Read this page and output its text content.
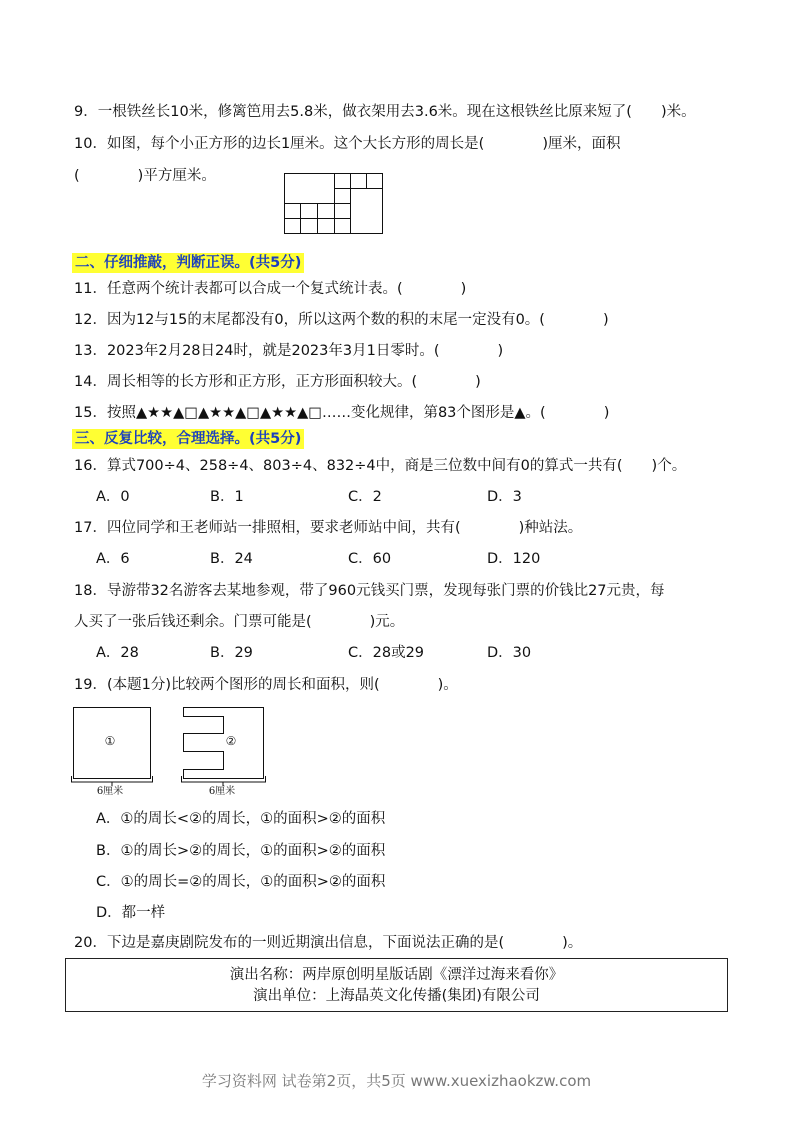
9．一根铁丝长10米，修篱笆用去5.8米，做衣架用去3.6米。现在这根铁丝比原来短了(　　)米。
10．如图，每个小正方形的边长1厘米。这个大长方形的周长是(　　　　)厘米，面积
(　　　　)平方厘米。
二、仔细推敲，判断正误。(共5分)
11．任意两个统计表都可以合成一个复式统计表。(　　　　)
12．因为12与15的末尾都没有0，所以这两个数的积的末尾一定没有0。(　　　　)
13．2023年2月28日24时，就是2023年3月1日零时。(　　　　)
14．周长相等的长方形和正方形，正方形面积较大。(　　　　)
15．按照▲★★▲□▲★★▲□▲★★▲□……变化规律，第83个图形是▲。(　　　　)
三、反复比较，合理选择。(共5分)
16．算式700÷4、258÷4、803÷4、832÷4中，商是三位数中间有0的算式一共有(　　)个。
A．0	B．1	C．2	D．3
17．四位同学和王老师站一排照相，要求老师站中间，共有(　　　　)种站法。
A．6	B．24	C．60	D．120
18．导游带32名游客去某地参观，带了960元钱买门票，发现每张门票的价钱比27元贵，每
人买了一张后钱还剩余。门票可能是(　　　　)元。
A．28	B．29	C．28或29	D．30
19．(本题1分)比较两个图形的周长和面积，则(　　　　)。
①	②
6厘米	6厘米
A．①的周长<②的周长，①的面积>②的面积
B．①的周长>②的周长，①的面积>②的面积
C．①的周长=②的周长，①的面积>②的面积
D．都一样
20．下边是嘉庚剧院发布的一则近期演出信息，下面说法正确的是(　　　　)。
演出名称：两岸原创明星版话剧《漂洋过海来看你》
演出单位：上海晶英文化传播(集团)有限公司
学习资料网 试卷第2页，共5页 www.xuexizhaokzw.com
